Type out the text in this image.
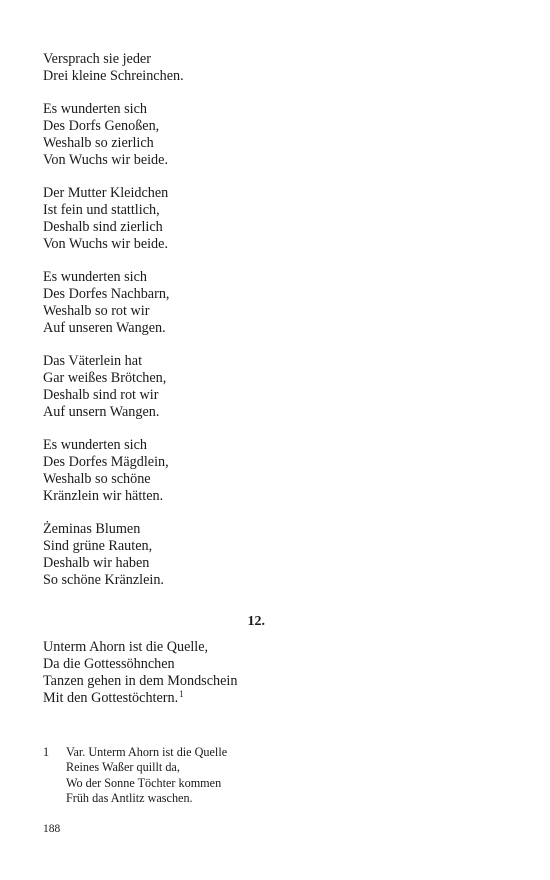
Versprach sie jeder
Drei kleine Schreinchen.
Es wunderten sich
Des Dorfs Genoßen,
Weshalb so zierlich
Von Wuchs wir beide.
Der Mutter Kleidchen
Ist fein und stattlich,
Deshalb sind zierlich
Von Wuchs wir beide.
Es wunderten sich
Des Dorfes Nachbarn,
Weshalb so rot wir
Auf unseren Wangen.
Das Väterlein hat
Gar weißes Brötchen,
Deshalb sind rot wir
Auf unsern Wangen.
Es wunderten sich
Des Dorfes Mägdlein,
Weshalb so schöne
Kränzlein wir hätten.
Żeminas Blumen
Sind grüne Rauten,
Deshalb wir haben
So schöne Kränzlein.
12.
Unterm Ahorn ist die Quelle,
Da die Gottessöhnchen
Tanzen gehen in dem Mondschein
Mit den Gottestöchtern.$^1$
1 Var. Unterm Ahorn ist die Quelle
Reines Waßer quillt da,
Wo der Sonne Töchter kommen
Früh das Antlitz waschen.
188
